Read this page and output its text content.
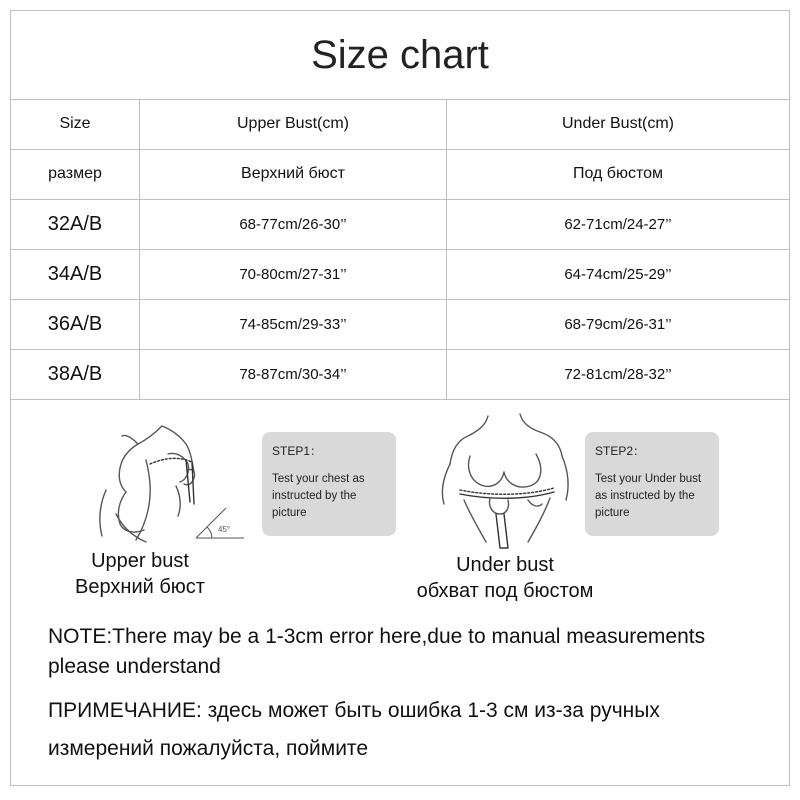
Size chart
Size	Upper Bust(cm)	Under Bust(cm)
размер	Верхний бюст	Под бюстом
32A/B	68-77cm/26-30’’	62-71cm/24-27’’
34A/B	70-80cm/27-31’’	64-74cm/25-29’’
36A/B	74-85cm/29-33’’	68-79cm/26-31’’
38A/B	78-87cm/30-34’’	72-81cm/28-32’’
45°
STEP1：
Test your chest as instructed by the picture
Upper bust
Верхний бюст
STEP2：
Test your Under bust as instructed by the picture
Under bust
обхват под бюстом
NOTE:There may be a 1-3cm error here,due to manual measurements please understand
ПРИМЕЧАНИЕ: здесь может быть ошибка 1-3 см из-за ручных измерений пожалуйста, поймите
